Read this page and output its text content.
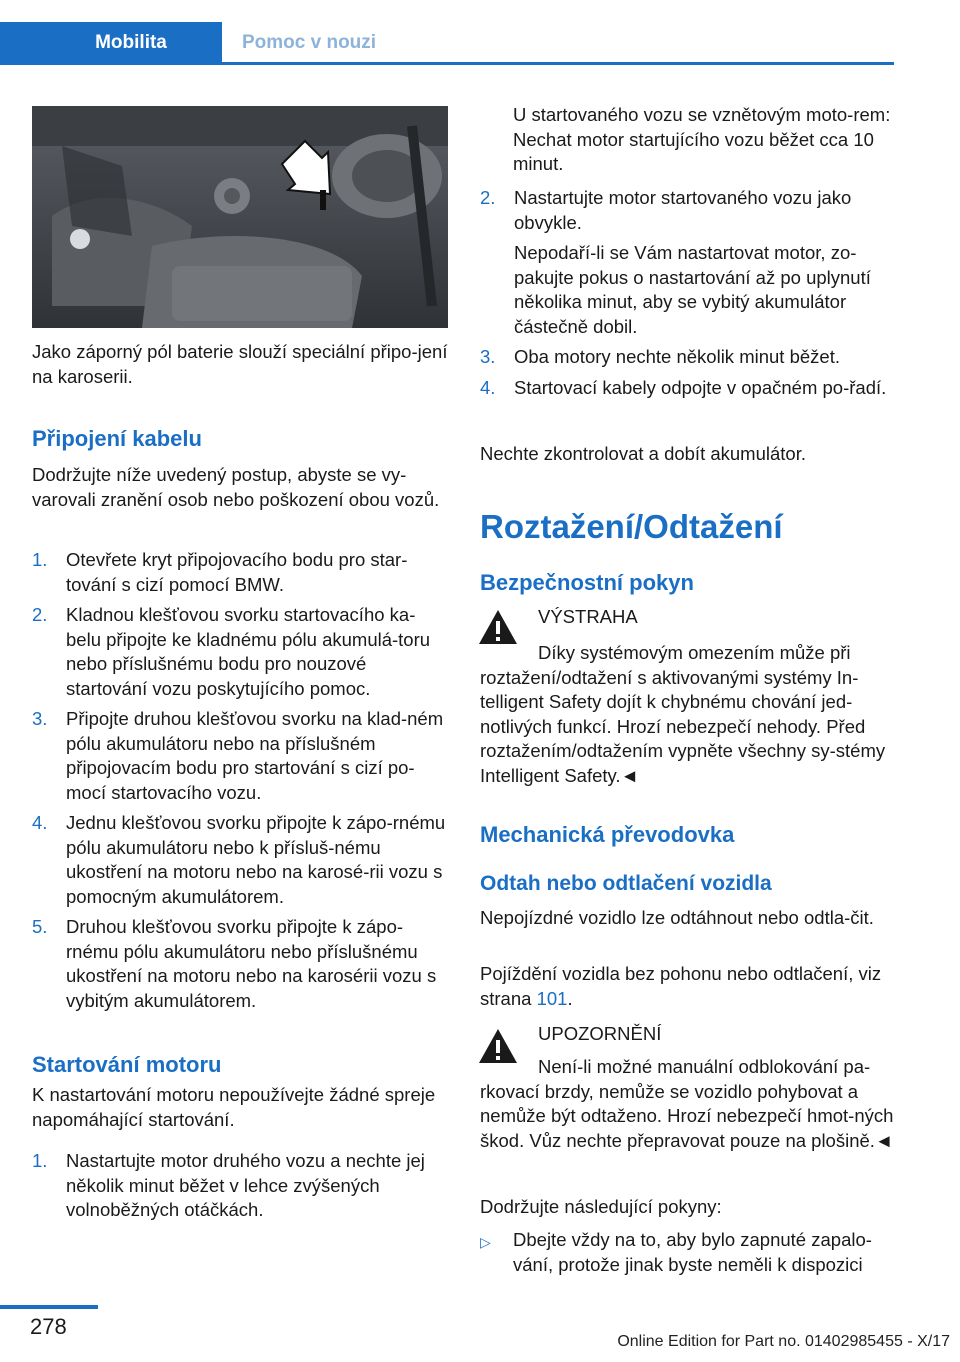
Mobilita	Pomoc v nouzi

Jako záporný pól baterie slouží speciální připo-jení na karoserii.

Připojení kabelu

Dodržujte níže uvedený postup, abyste se vy-varovali zranění osob nebo poškození obou vozů.

1. Otevřete kryt připojovacího bodu pro star-tování s cizí pomocí BMW.
2. Kladnou klešťovou svorku startovacího ka-belu připojte ke kladnému pólu akumulá-toru nebo příslušnému bodu pro nouzové startování vozu poskytujícího pomoc.
3. Připojte druhou klešťovou svorku na klad-ném pólu akumulátoru nebo na příslušném připojovacím bodu pro startování s cizí po-mocí startovacího vozu.
4. Jednu klešťovou svorku připojte k zápo-rnému pólu akumulátoru nebo k přísluš-nému ukostření na motoru nebo na karosé-rii vozu s pomocným akumulátorem.
5. Druhou klešťovou svorku připojte k zápo-rnému pólu akumulátoru nebo příslušnému ukostření na motoru nebo na karosérii vozu s vybitým akumulátorem.
Startování motoru

K nastartování motoru nepoužívejte žádné spreje napomáhající startování.

1. Nastartujte motor druhého vozu a nechte jej několik minut běžet v lehce zvýšených volnoběžných otáčkách.

U startovaného vozu se vznětovým moto-rem: Nechat motor startujícího vozu běžet cca 10 minut.

2. Nastartujte motor startovaného vozu jako obvykle.
Nepodaří-li se Vám nastartovat motor, zo-pakujte pokus o nastartování až po uplynutí několika minut, aby se vybitý akumulátor částečně dobil.
3. Oba motory nechte několik minut běžet.
4. Startovací kabely odpojte v opačném po-řadí.

Nechte zkontrolovat a dobít akumulátor.

Roztažení/Odtažení
Bezpečnostní pokyn

VÝSTRAHA

Díky systémovým omezením může při roztažení/odtažení s aktivovanými systémy In-telligent Safety dojít k chybnému chování jed-notlivých funkcí. Hrozí nebezpečí nehody. Před roztažením/odtažením vypněte všechny sy-stémy Intelligent Safety.◄

Mechanická převodovka
Odtah nebo odtlačení vozidla

Nepojízdné vozidlo lze odtáhnout nebo odtla-čit.

Pojíždění vozidla bez pohonu nebo odtlačení, viz strana 101.

UPOZORNĚNÍ

Není-li možné manuální odblokování pa-rkovací brzdy, nemůže se vozidlo pohybovat a nemůže být odtaženo. Hrozí nebezpečí hmot-ných škod. Vůz nechte přepravovat pouze na plošině.◄

Dodržujte následující pokyny:

▷	Dbejte vždy na to, aby bylo zapnuté zapalo-vání, protože jinak byste neměli k dispozici
278
Online Edition for Part no. 01402985455 - X/17
